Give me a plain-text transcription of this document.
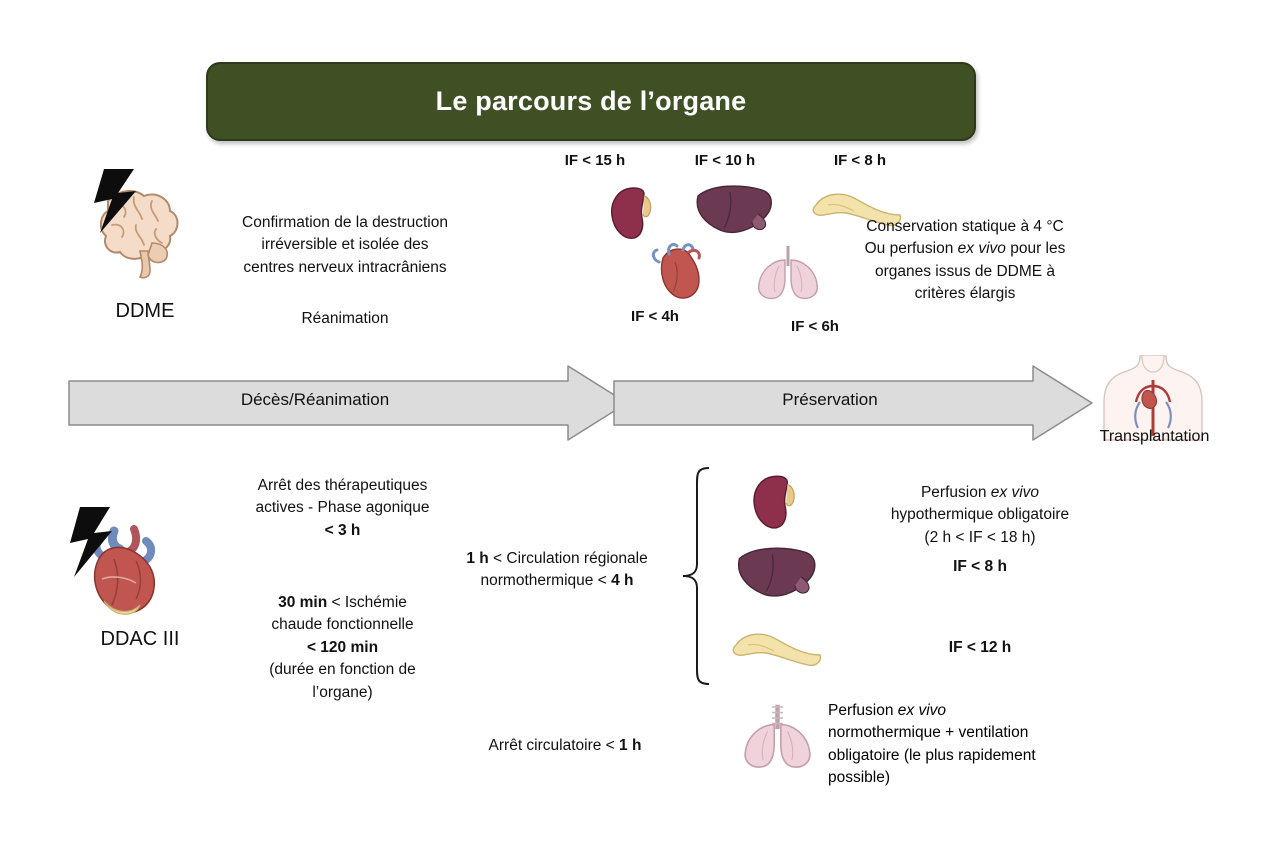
Le parcours de l’organe
DDME
Confirmation de la destruction
irréversible et isolée des
centres nerveux intracrâniens
Réanimation
IF < 15 h	IF < 10 h	IF < 8 h
IF < 4h
IF < 6h
Conservation statique à 4 °C
Ou perfusion ex vivo pour les
organes issus de DDME à
critères élargis
Décès/Réanimation	Préservation
Transplantation
DDAC III
Arrêt des thérapeutiques
actives - Phase agonique
< 3 h
30 min < Ischémie
chaude fonctionnelle
< 120 min
(durée en fonction de
l’organe)
1 h < Circulation régionale
normothermique < 4 h
Arrêt circulatoire < 1 h
Perfusion ex vivo
hypothermique obligatoire
(2 h < IF < 18 h)
IF < 8 h
IF < 12 h
Perfusion ex vivo
normothermique + ventilation
obligatoire (le plus rapidement
possible)
